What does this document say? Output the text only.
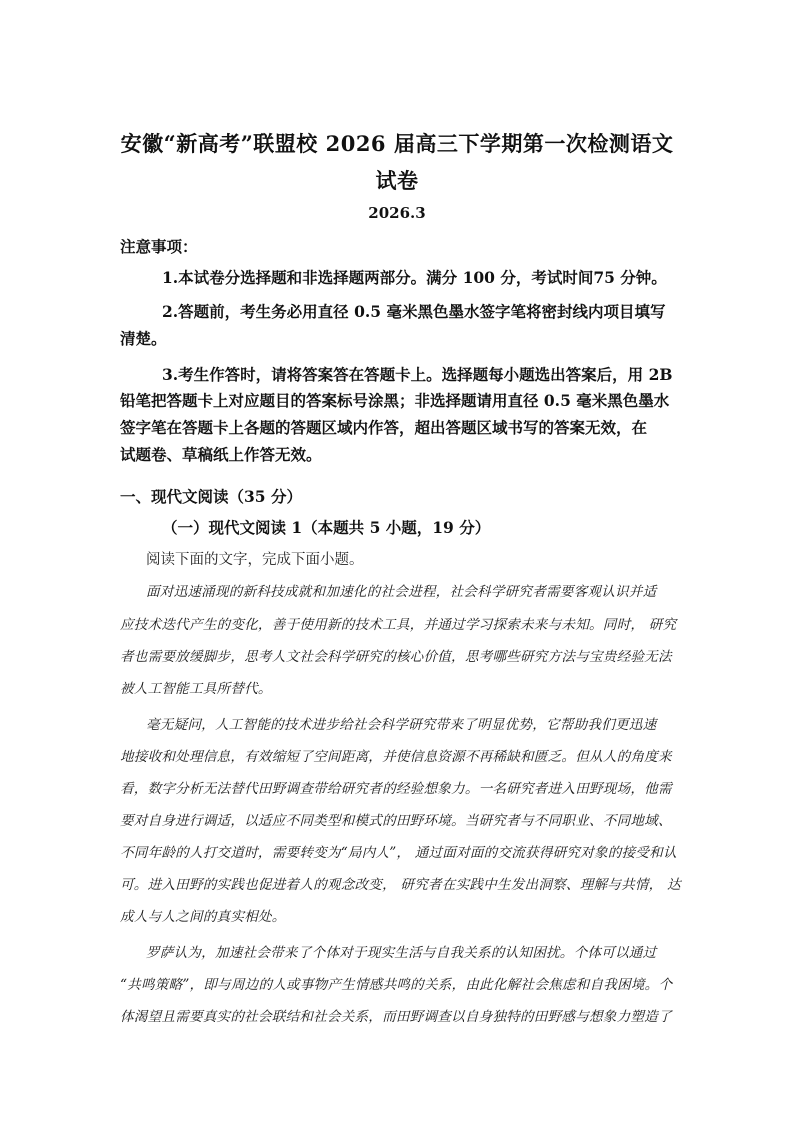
安徽“新高考”联盟校 2026 届高三下学期第一次检测语文
试卷
2026.3
注意事项：
1.本试卷分选择题和非选择题两部分。满分 100 分，考试时间75 分钟。
2.答题前，考生务必用直径 0.5 毫米黑色墨水签字笔将密封线内项目填写
清楚。
3.考生作答时，请将答案答在答题卡上。选择题每小题选出答案后，用 2B
铅笔把答题卡上对应题目的答案标号涂黑；非选择题请用直径 0.5 毫米黑色墨水
签字笔在答题卡上各题的答题区域内作答，超出答题区域书写的答案无效，在
试题卷、草稿纸上作答无效。
一、现代文阅读（35 分）
（一）现代文阅读 1（本题共 5 小题，19 分）
阅读下面的文字，完成下面小题。
面对迅速涌现的新科技成就和加速化的社会进程，社会科学研究者需要客观认识并适
应技术迭代产生的变化，善于使用新的技术工具，并通过学习探索未来与未知。同时， 研究
者也需要放缓脚步，思考人文社会科学研究的核心价值，思考哪些研究方法与宝贵经验无法
被人工智能工具所替代。
毫无疑问，人工智能的技术进步给社会科学研究带来了明显优势，它帮助我们更迅速
地接收和处理信息，有效缩短了空间距离，并使信息资源不再稀缺和匮乏。但从人的角度来
看，数字分析无法替代田野调查带给研究者的经验想象力。一名研究者进入田野现场，他需
要对自身进行调适，以适应不同类型和模式的田野环境。当研究者与不同职业、不同地域、
不同年龄的人打交道时，需要转变为“局内人”， 通过面对面的交流获得研究对象的接受和认
可。进入田野的实践也促进着人的观念改变， 研究者在实践中生发出洞察、理解与共情， 达
成人与人之间的真实相处。
罗萨认为，加速社会带来了个体对于现实生活与自我关系的认知困扰。个体可以通过
“共鸣策略”，即与周边的人或事物产生情感共鸣的关系，由此化解社会焦虑和自我困境。个
体渴望且需要真实的社会联结和社会关系，而田野调查以自身独特的田野感与想象力塑造了
